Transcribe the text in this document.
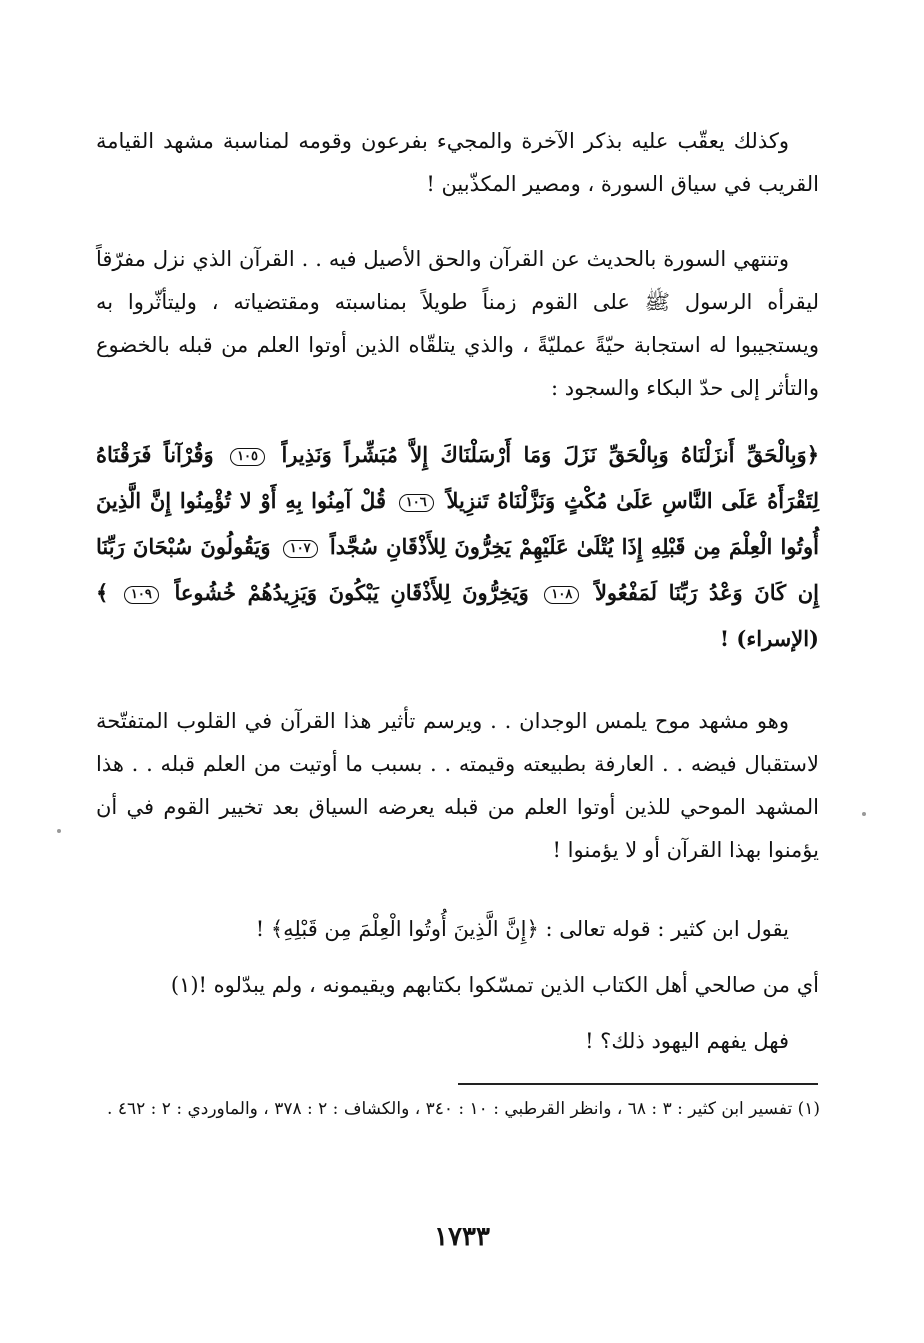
وكذلك يعقّب عليه بذكر الآخرة والمجيء بفرعون وقومه لمناسبة مشهد القيامة القريب في سياق السورة ، ومصير المكذّبين !
وتنتهي السورة بالحديث عن القرآن والحق الأصيل فيه . . القرآن الذي نزل مفرّقاً ليقرأه الرسول ﷺ على القوم زمناً طويلاً بمناسبته ومقتضياته ، وليتأثّروا به ويستجيبوا له استجابة حيّةً عمليّةً ، والذي يتلقّاه الذين أوتوا العلم من قبله بالخضوع والتأثر إلى حدّ البكاء والسجود :
﴿وَبِالْحَقِّ أَنزَلْنَاهُ وَبِالْحَقِّ نَزَلَ وَمَا أَرْسَلْنَاكَ إِلاَّ مُبَشِّراً وَنَذِيراً ١٠٥ وَقُرْآناً فَرَقْنَاهُ لِتَقْرَأَهُ عَلَى النَّاسِ عَلَىٰ مُكْثٍ وَنَزَّلْنَاهُ تَنزِيلاً ١٠٦ قُلْ آمِنُوا بِهِ أَوْ لا تُؤْمِنُوا إِنَّ الَّذِينَ أُوتُوا الْعِلْمَ مِن قَبْلِهِ إِذَا يُتْلَىٰ عَلَيْهِمْ يَخِرُّونَ لِلأَذْقَانِ سُجَّداً ١٠٧ وَيَقُولُونَ سُبْحَانَ رَبِّنَا إِن كَانَ وَعْدُ رَبِّنَا لَمَفْعُولاً ١٠٨ وَيَخِرُّونَ لِلأَذْقَانِ يَبْكُونَ وَيَزِيدُهُمْ خُشُوعاً ١٠٩ ﴾ (الإسراء) !
وهو مشهد موح يلمس الوجدان . . ويرسم تأثير هذا القرآن في القلوب المتفتّحة لاستقبال فيضه . . العارفة بطبيعته وقيمته . . بسبب ما أوتيت من العلم قبله . . هذا المشهد الموحي للذين أوتوا العلم من قبله يعرضه السياق بعد تخيير القوم في أن يؤمنوا بهذا القرآن أو لا يؤمنوا !
يقول ابن كثير : قوله تعالى : ﴿إِنَّ الَّذِينَ أُوتُوا الْعِلْمَ مِن قَبْلِهِ﴾ !
أي من صالحي أهل الكتاب الذين تمسّكوا بكتابهم ويقيمونه ، ولم يبدّلوه !(١)
فهل يفهم اليهود ذلك؟ !
(١) تفسير ابن كثير : ٣ : ٦٨ ، وانظر القرطبي : ١٠ : ٣٤٠ ، والكشاف : ٢ : ٣٧٨ ، والماوردي : ٢ : ٤٦٢ .
١٧٣٣
